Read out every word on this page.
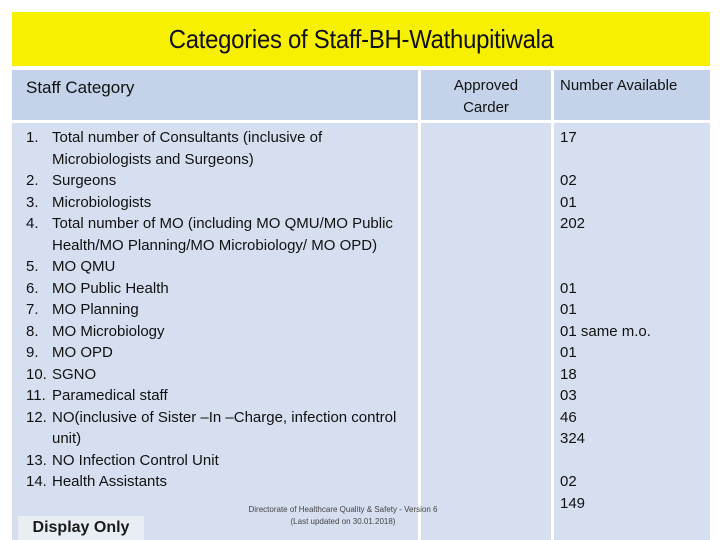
Categories of Staff-BH-Wathupitiwala
Staff Category	Approved Carder
Number Available
1. Total number of Consultants (inclusive of Microbiologists and Surgeons)
2. Surgeons
3. Microbiologists
4. Total number of MO (including MO QMU/MO Public Health/MO Planning/MO Microbiology/ MO OPD)
5. MO QMU
6. MO Public Health
7. MO Planning
8. MO Microbiology
9. MO OPD
10. SGNO
11. Paramedical staff
12. NO(inclusive of Sister –In –Charge, infection control unit)
13. NO Infection Control Unit
14. Health Assistants
17
02
01
202
01
01
01 same m.o.
01
18
03
46
324
02
149
Directorate of Healthcare Quality & Safety - Version 6
(Last updated on 30.01.2018)
Display Only
